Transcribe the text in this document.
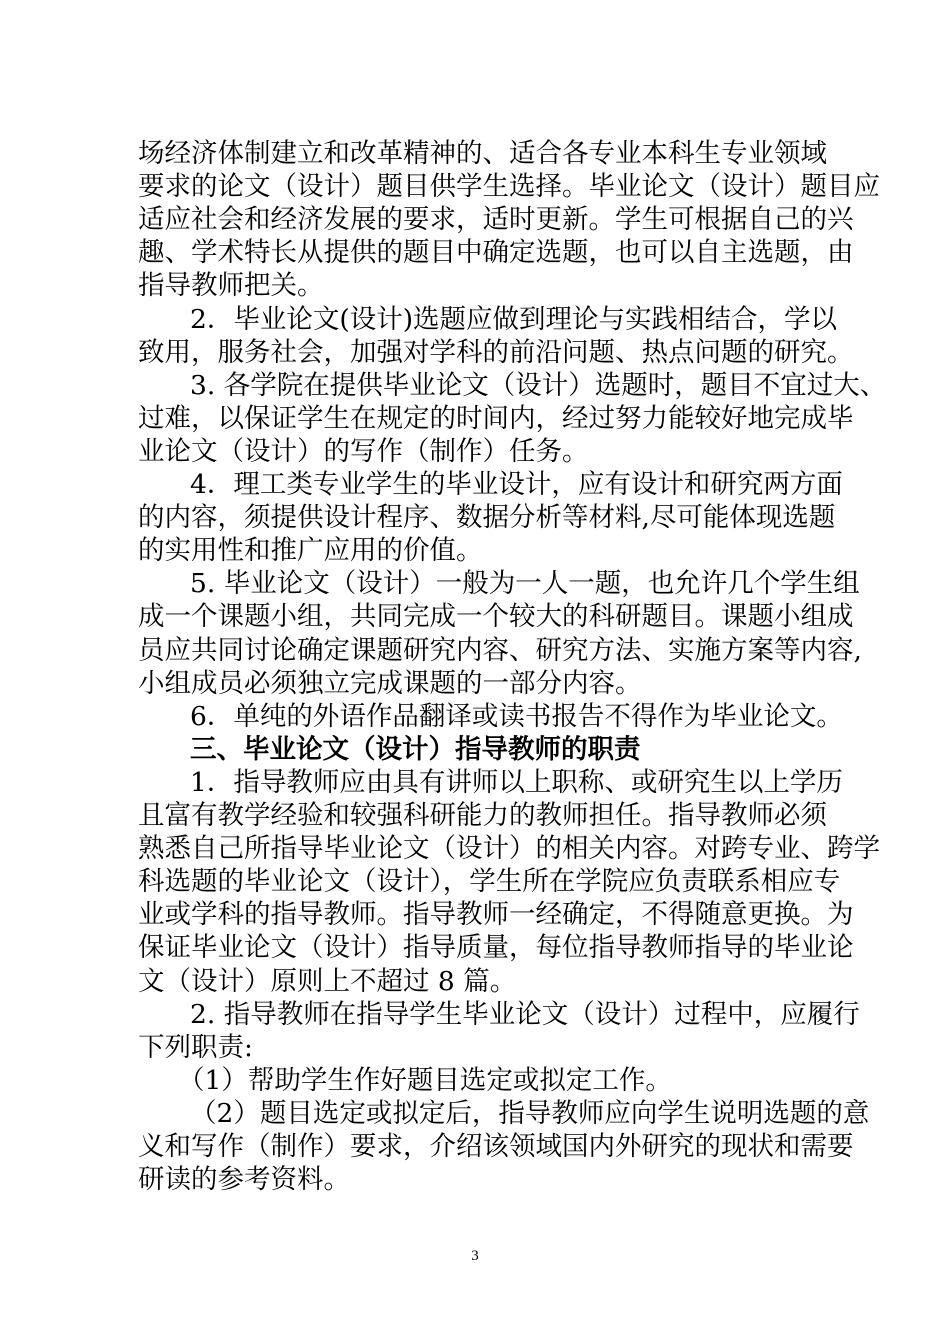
场经济体制建立和改革精神的、适合各专业本科生专业领域
要求的论文（设计）题目供学生选择。毕业论文（设计）题目应
适应社会和经济发展的要求，适时更新。学生可根据自己的兴
趣、学术特长从提供的题目中确定选题，也可以自主选题，由
指导教师把关。
2．毕业论文(设计)选题应做到理论与实践相结合，学以
致用，服务社会，加强对学科的前沿问题、热点问题的研究。
3. 各学院在提供毕业论文（设计）选题时，题目不宜过大、
过难，以保证学生在规定的时间内，经过努力能较好地完成毕
业论文（设计）的写作（制作）任务。
4．理工类专业学生的毕业设计，应有设计和研究两方面
的内容，须提供设计程序、数据分析等材料,尽可能体现选题
的实用性和推广应用的价值。
5. 毕业论文（设计）一般为一人一题，也允许几个学生组
成一个课题小组，共同完成一个较大的科研题目。课题小组成
员应共同讨论确定课题研究内容、研究方法、实施方案等内容,
小组成员必须独立完成课题的一部分内容。
6．单纯的外语作品翻译或读书报告不得作为毕业论文。
三、毕业论文（设计）指导教师的职责
1．指导教师应由具有讲师以上职称、或研究生以上学历
且富有教学经验和较强科研能力的教师担任。指导教师必须
熟悉自己所指导毕业论文（设计）的相关内容。对跨专业、跨学
科选题的毕业论文（设计），学生所在学院应负责联系相应专
业或学科的指导教师。指导教师一经确定，不得随意更换。为
保证毕业论文（设计）指导质量，每位指导教师指导的毕业论
文（设计）原则上不超过 8 篇。
2. 指导教师在指导学生毕业论文（设计）过程中，应履行
下列职责:
（1）帮助学生作好题目选定或拟定工作。
（2）题目选定或拟定后，指导教师应向学生说明选题的意
义和写作（制作）要求，介绍该领域国内外研究的现状和需要
研读的参考资料。
3
